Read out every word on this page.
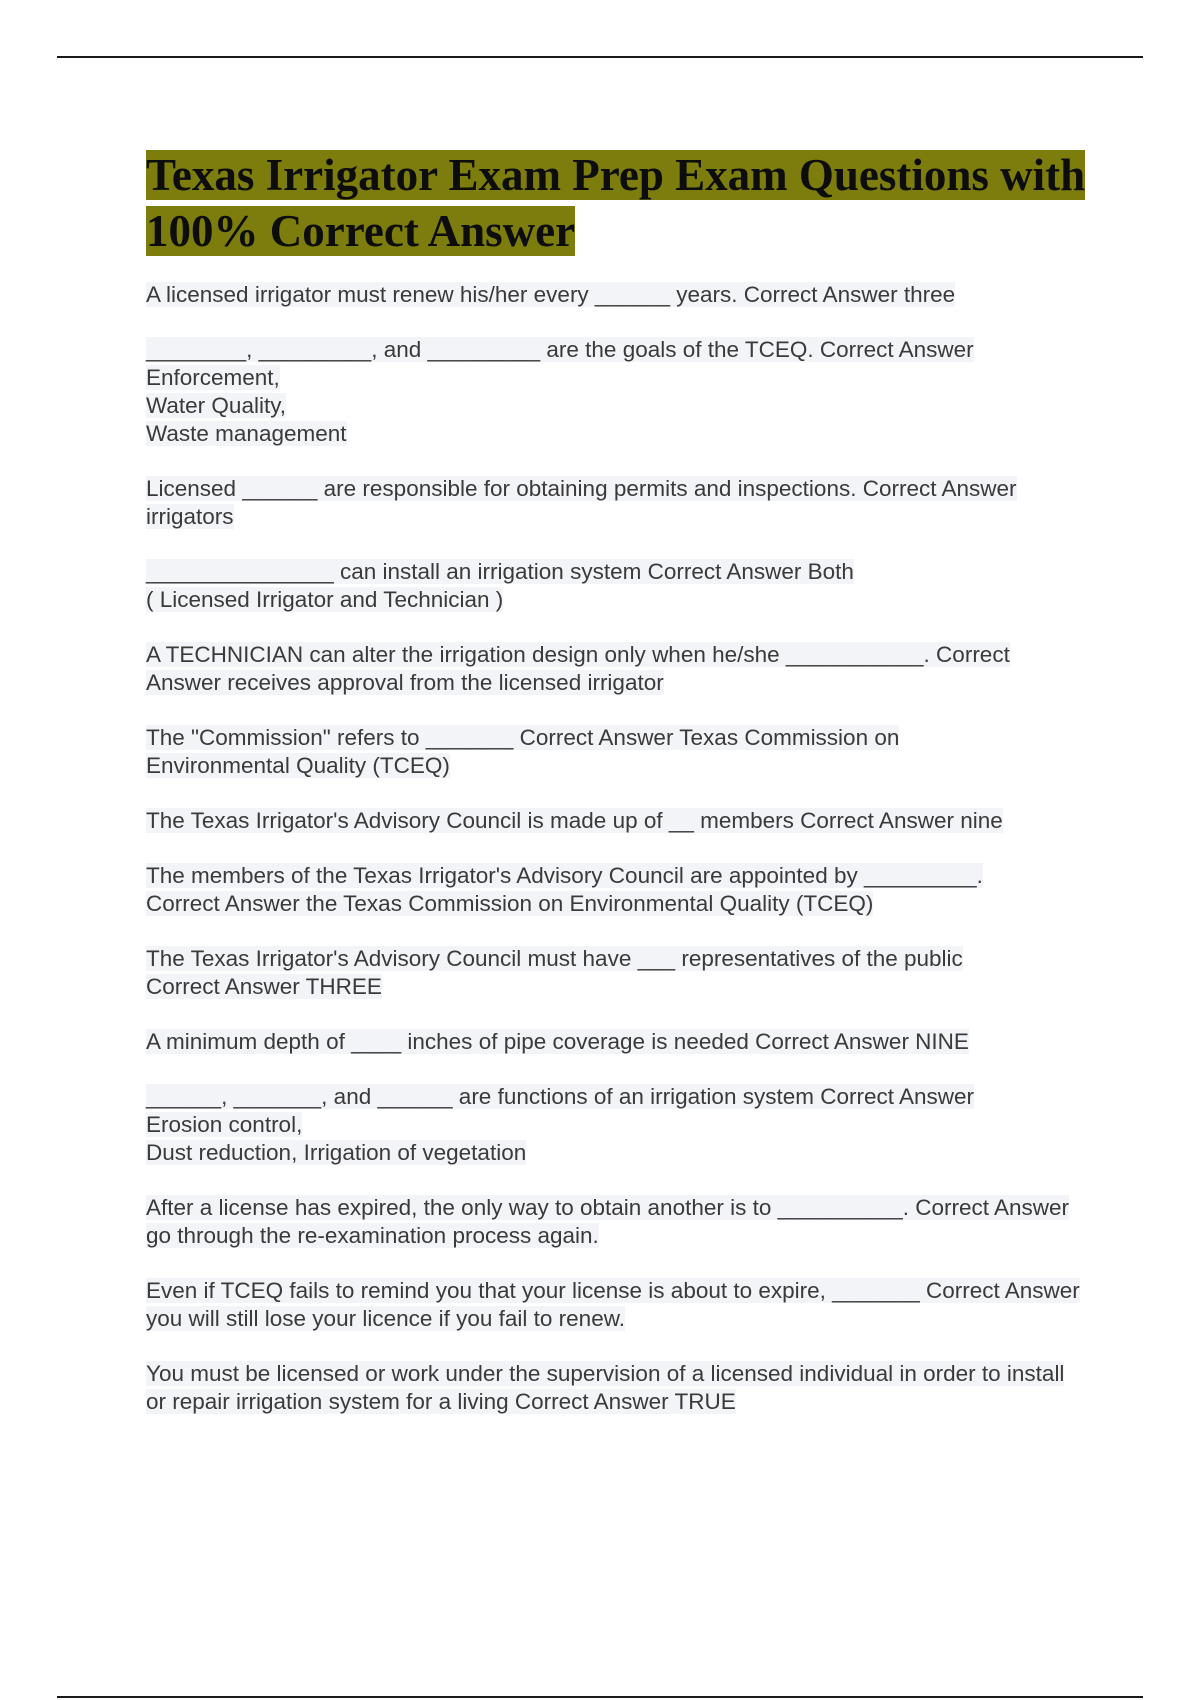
Texas Irrigator Exam Prep Exam Questions with 100% Correct Answer

A licensed irrigator must renew his/her every ______ years. Correct Answer three

________, _________, and _________ are the goals of the TCEQ. Correct Answer
Enforcement,
Water Quality,
Waste management

Licensed ______ are responsible for obtaining permits and inspections. Correct Answer irrigators

_______________ can install an irrigation system Correct Answer Both
( Licensed Irrigator and Technician )

A TECHNICIAN can alter the irrigation design only when he/she ___________. Correct Answer receives approval from the licensed irrigator

The "Commission" refers to _______ Correct Answer Texas Commission on
Environmental Quality (TCEQ)

The Texas Irrigator's Advisory Council is made up of __ members Correct Answer nine

The members of the Texas Irrigator's Advisory Council are appointed by _________.
Correct Answer the Texas Commission on Environmental Quality (TCEQ)

The Texas Irrigator's Advisory Council must have ___ representatives of the public
Correct Answer THREE

A minimum depth of ____ inches of pipe coverage is needed Correct Answer NINE

______, _______, and ______ are functions of an irrigation system Correct Answer
Erosion control,
Dust reduction, Irrigation of vegetation

After a license has expired, the only way to obtain another is to __________. Correct Answer go through the re-examination process again.

Even if TCEQ fails to remind you that your license is about to expire, _______ Correct Answer you will still lose your licence if you fail to renew.

You must be licensed or work under the supervision of a licensed individual in order to install or repair irrigation system for a living Correct Answer TRUE
